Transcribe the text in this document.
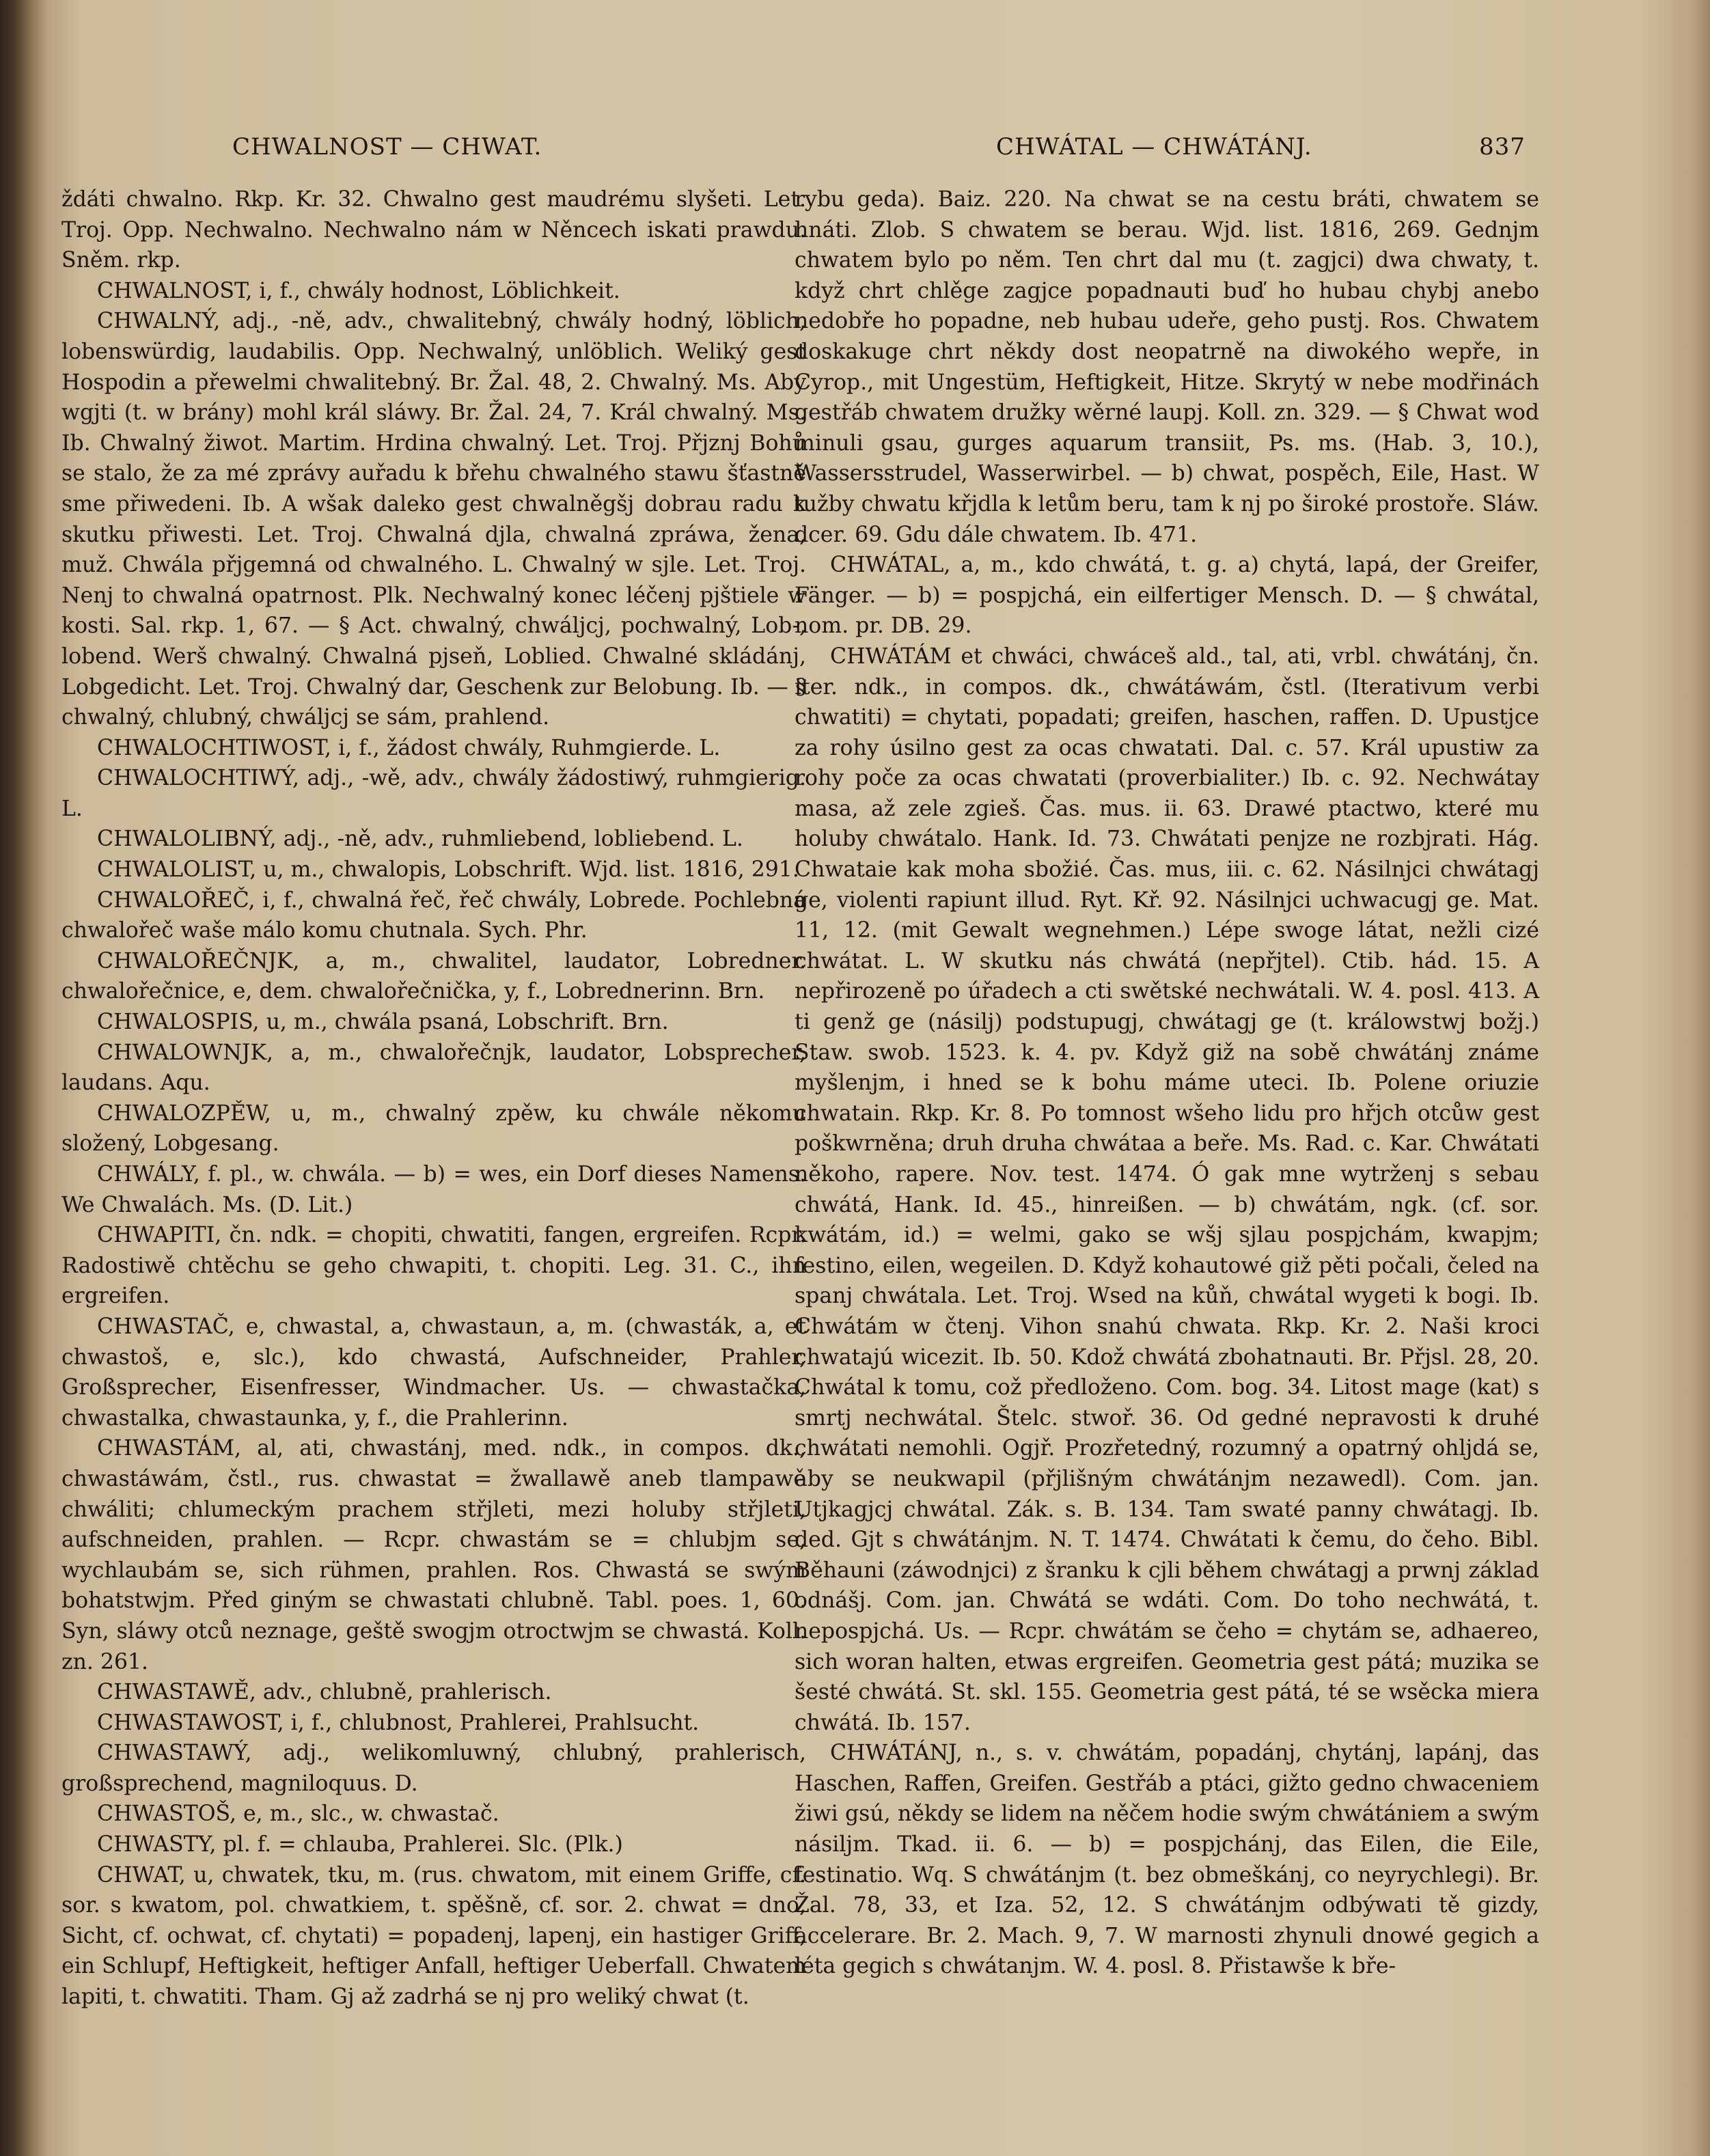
CHWALNOST — CHWAT.	CHWÁTAL — CHWÁTÁNJ.	837

ždáti chwalno. Rkp. Kr. 32. Chwalno gest maudrému slyšeti. Let. Troj. Opp. Nechwalno. Nechwalno nám w Něncech iskati prawdu. Sněm. rkp.

CHWALNOST, i, f., chwály hodnost, Löblichkeit.

CHWALNÝ, adj., -ně, adv., chwalitebný, chwály hodný, löblich, lobenswürdig, laudabilis. Opp. Nechwalný, unlöblich. Weliký gest Hospodin a přewelmi chwalitebný. Br. Žal. 48, 2. Chwalný. Ms. Aby wgjti (t. w brány) mohl král sláwy. Br. Žal. 24, 7. Král chwalný. Ms. Ib. Chwalný žiwot. Martim. Hrdina chwalný. Let. Troj. Přjznj Bohů se stalo, že za mé zprávy auřadu k břehu chwalného stawu šťastně sme přiwedeni. Ib. A wšak daleko gest chwalněgšj dobrau radu k skutku přiwesti. Let. Troj. Chwalná djla, chwalná zpráwa, žena, muž. Chwála přjgemná od chwalného. L. Chwalný w sjle. Let. Troj. Nenj to chwalná opatrnost. Plk. Nechwalný konec léčenj pjštiele w kosti. Sal. rkp. 1, 67. — § Act. chwalný, chwáljcj, pochwalný, Lob-, lobend. Werš chwalný. Chwalná pjseň, Loblied. Chwalné skládánj, Lobgedicht. Let. Troj. Chwalný dar, Geschenk zur Belobung. Ib. — § chwalný, chlubný, chwáljcj se sám, prahlend.

CHWALOCHTIWOST, i, f., žádost chwály, Ruhmgierde. L.

CHWALOCHTIWÝ, adj., -wě, adv., chwály žádostiwý, ruhmgierig. L.

CHWALOLIBNÝ, adj., -ně, adv., ruhmliebend, lobliebend. L.

CHWALOLIST, u, m., chwalopis, Lobschrift. Wjd. list. 1816, 291.

CHWALOŘEČ, i, f., chwalná řeč, řeč chwály, Lobrede. Pochlebná chwalořeč waše málo komu chutnala. Sych. Phr.

CHWALOŘEČNJK, a, m., chwalitel, laudator, Lobredner. chwalořečnice, e, dem. chwalořečnička, y, f., Lobrednerinn. Brn.

CHWALOSPIS, u, m., chwála psaná, Lobschrift. Brn.

CHWALOWNJK, a, m., chwalořečnjk, laudator, Lobsprecher, laudans. Aqu.

CHWALOZPĚW, u, m., chwalný zpěw, ku chwále někomu složený, Lobgesang.

CHWÁLY, f. pl., w. chwála. — b) = wes, ein Dorf dieses Namens. We Chwalách. Ms. (D. Lit.)

CHWAPITI, čn. ndk. = chopiti, chwatiti, fangen, ergreifen. Rcpr. Radostiwě chtěchu se geho chwapiti, t. chopiti. Leg. 31. C., ihn ergreifen.

CHWASTAČ, e, chwastal, a, chwastaun, a, m. (chwasták, a, et chwastoš, e, slc.), kdo chwastá, Aufschneider, Prahler, Großsprecher, Eisenfresser, Windmacher. Us. — chwastačka, chwastalka, chwastaunka, y, f., die Prahlerinn.

CHWASTÁM, al, ati, chwastánj, med. ndk., in compos. dk., chwastáwám, čstl., rus. chwastat = žwallawě aneb tlampawě chwáliti; chlumeckým prachem střjleti, mezi holuby střjleti, aufschneiden, prahlen. — Rcpr. chwastám se = chlubjm se, wychlaubám se, sich rühmen, prahlen. Ros. Chwastá se swým bohatstwjm. Před giným se chwastati chlubně. Tabl. poes. 1, 60. Syn, sláwy otců neznage, geště swogjm otroctwjm se chwastá. Koll. zn. 261.

CHWASTAWĚ, adv., chlubně, prahlerisch.

CHWASTAWOST, i, f., chlubnost, Prahlerei, Prahlsucht.

CHWASTAWÝ, adj., welikomluwný, chlubný, prahlerisch, großsprechend, magniloquus. D.

CHWASTOŠ, e, m., slc., w. chwastač.

CHWASTY, pl. f. = chlauba, Prahlerei. Slc. (Plk.)

CHWAT, u, chwatek, tku, m. (rus. chwatom, mit einem Griffe, cf. sor. s kwatom, pol. chwatkiem, t. spěšně, cf. sor. 2. chwat = dno, Sicht, cf. ochwat, cf. chytati) = popadenj, lapenj, ein hastiger Griff, ein Schlupf, Heftigkeit, heftiger Anfall, heftiger Ueberfall. Chwatem lapiti, t. chwatiti. Tham. Gj až zadrhá se nj pro weliký chwat (t.

rybu geda). Baiz. 220. Na chwat se na cestu bráti, chwatem se hnáti. Zlob. S chwatem se berau. Wjd. list. 1816, 269. Gednjm chwatem bylo po něm. Ten chrt dal mu (t. zagjci) dwa chwaty, t. když chrt chlěge zagjce popadnauti buď ho hubau chybj anebo nedobře ho popadne, neb hubau udeře, geho pustj. Ros. Chwatem doskakuge chrt někdy dost neopatrně na diwokého wepře, in Cyrop., mit Ungestüm, Heftigkeit, Hitze. Skrytý w nebe modřinách gestřáb chwatem družky wěrné laupj. Koll. zn. 329. — § Chwat wod minuli gsau, gurges aquarum transiit, Ps. ms. (Hab. 3, 10.), Wassersstrudel, Wasserwirbel. — b) chwat, pospěch, Eile, Hast. W tužby chwatu křjdla k letům beru, tam k nj po široké prostoře. Sláw. dcer. 69. Gdu dále chwatem. Ib. 471.

CHWÁTAL, a, m., kdo chwátá, t. g. a) chytá, lapá, der Greifer, Fänger. — b) = pospjchá, ein eilfertiger Mensch. D. — § chwátal, nom. pr. DB. 29.

CHWÁTÁM et chwáci, chwáceš ald., tal, ati, vrbl. chwátánj, čn. iter. ndk., in compos. dk., chwátáwám, čstl. (Iterativum verbi chwatiti) = chytati, popadati; greifen, haschen, raffen. D. Upustjce za rohy úsilno gest za ocas chwatati. Dal. c. 57. Král upustiw za rohy poče za ocas chwatati (proverbialiter.) Ib. c. 92. Nechwátay masa, až zele zgieš. Čas. mus. ii. 63. Drawé ptactwo, které mu holuby chwátalo. Hank. Id. 73. Chwátati penjze ne rozbjrati. Hág. Chwataie kak moha sbožié. Čas. mus, iii. c. 62. Násilnjci chwátagj ge, violenti rapiunt illud. Ryt. Kř. 92. Násilnjci uchwacugj ge. Mat. 11, 12. (mit Gewalt wegnehmen.) Lépe swoge látat, nežli cizé chwátat. L. W skutku nás chwátá (nepřjtel). Ctib. hád. 15. A nepřirozeně po úřadech a cti swětské nechwátali. W. 4. posl. 413. A ti genž ge (násilj) podstupugj, chwátagj ge (t. králowstwj božj.) Staw. swob. 1523. k. 4. pv. Když giž na sobě chwátánj známe myšlenjm, i hned se k bohu máme uteci. Ib. Polene oriuzie chwatain. Rkp. Kr. 8. Po tomnost wšeho lidu pro hřjch otcůw gest poškwrněna; druh druha chwátaa a beře. Ms. Rad. c. Kar. Chwátati někoho, rapere. Nov. test. 1474. Ó gak mne wytrženj s sebau chwátá, Hank. Id. 45., hinreißen. — b) chwátám, ngk. (cf. sor. kwátám, id.) = welmi, gako se wšj sjlau pospjchám, kwapjm; festino, eilen, wegeilen. D. Když kohautowé giž pěti počali, čeled na spanj chwátala. Let. Troj. Wsed na kůň, chwátal wygeti k bogi. Ib. Chwátám w čtenj. Vihon snahú chwata. Rkp. Kr. 2. Naši kroci chwatajú wicezit. Ib. 50. Kdož chwátá zbohatnauti. Br. Přjsl. 28, 20. Chwátal k tomu, což předloženo. Com. bog. 34. Litost mage (kat) s smrtj nechwátal. Štelc. stwoř. 36. Od gedné nepravosti k druhé chwátati nemohli. Ogjř. Prozřetedný, rozumný a opatrný ohljdá se, aby se neukwapil (přjlišným chwátánjm nezawedl). Com. jan. Utjkagjcj chwátal. Zák. s. B. 134. Tam swaté panny chwátagj. Ib. ded. Gjt s chwátánjm. N. T. 1474. Chwátati k čemu, do čeho. Bibl. Běhauni (záwodnjci) z šranku k cjli během chwátagj a prwnj základ odnášj. Com. jan. Chwátá se wdáti. Com. Do toho nechwátá, t. nepospjchá. Us. — Rcpr. chwátám se čeho = chytám se, adhaereo, sich woran halten, etwas ergreifen. Geometria gest pátá; muzika se šesté chwátá. St. skl. 155. Geometria gest pátá, té se wsěcka miera chwátá. Ib. 157.

CHWÁTÁNJ, n., s. v. chwátám, popadánj, chytánj, lapánj, das Haschen, Raffen, Greifen. Gestřáb a ptáci, gižto gedno chwaceniem žiwi gsú, někdy se lidem na něčem hodie swým chwátániem a swým násiljm. Tkad. ii. 6. — b) = pospjchánj, das Eilen, die Eile, festinatio. Wq. S chwátánjm (t. bez obmeškánj, co neyrychlegi). Br. Žal. 78, 33, et Iza. 52, 12. S chwátánjm odbýwati tě gizdy, accelerare. Br. 2. Mach. 9, 7. W marnosti zhynuli dnowé gegich a léta gegich s chwátanjm. W. 4. posl. 8. Přistawše k bře-
